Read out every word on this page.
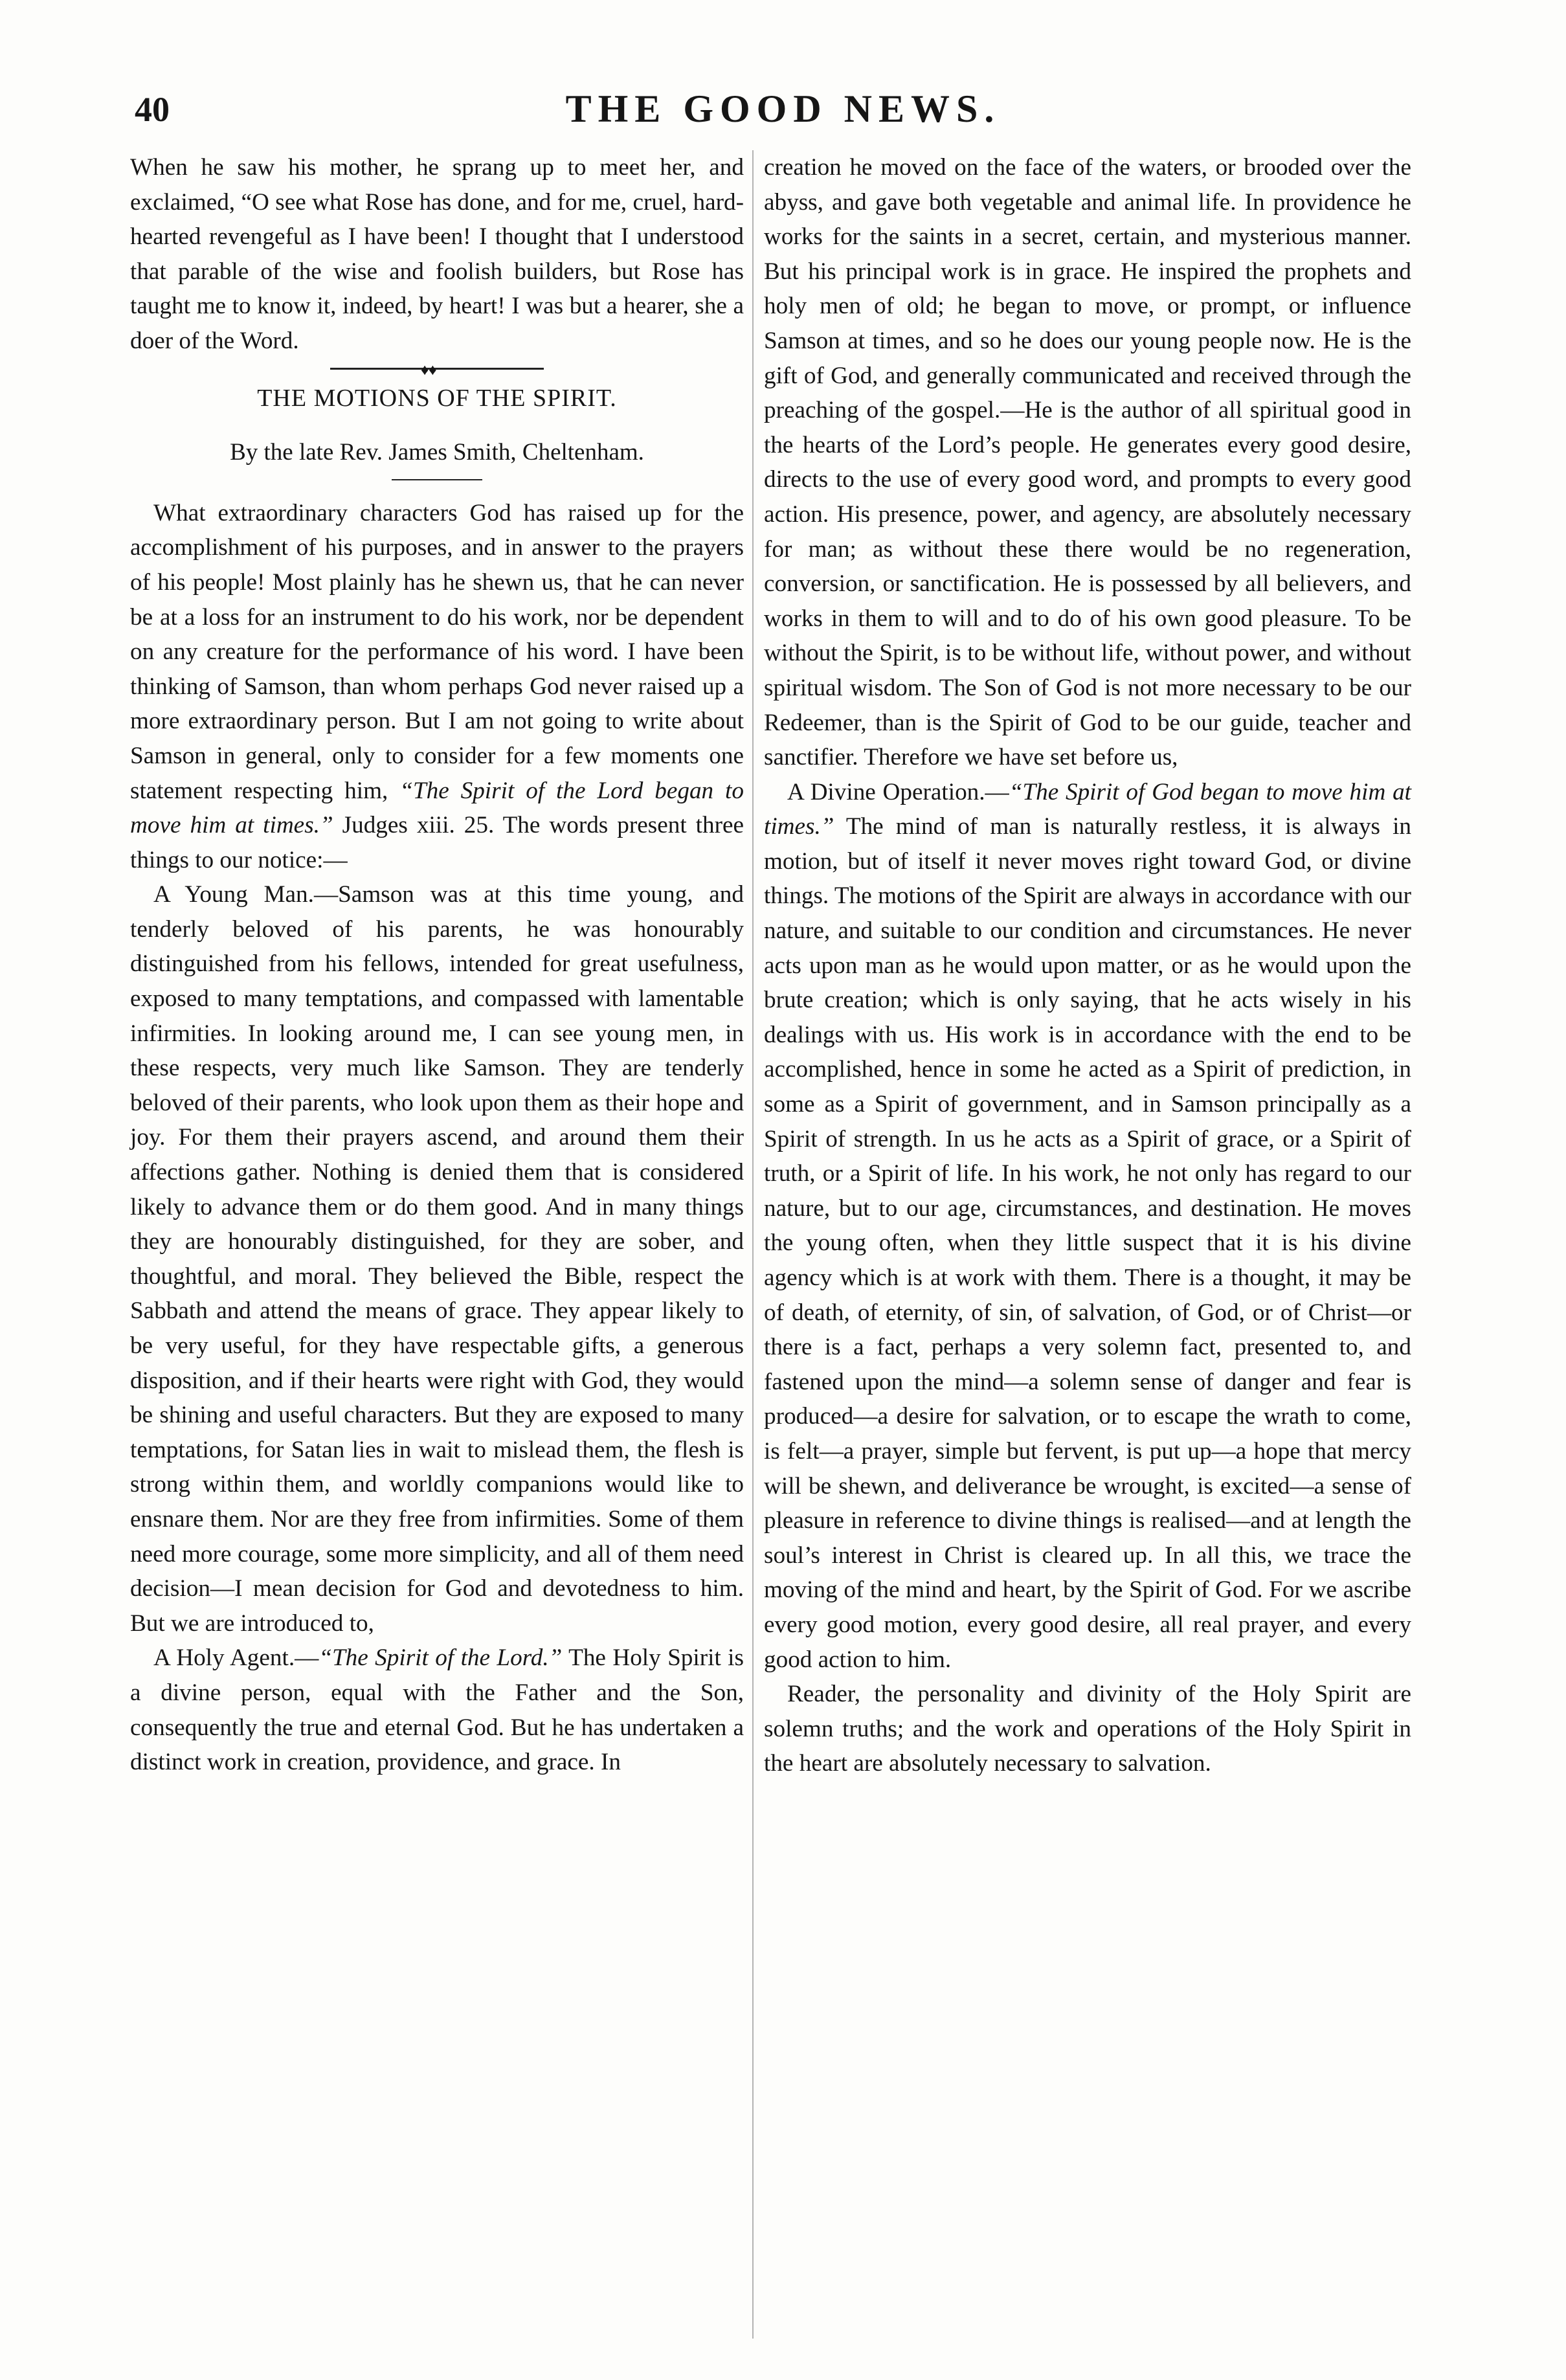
40	THE GOOD NEWS.

When he saw his mother, he sprang up to meet her, and exclaimed, “O see what Rose has done, and for me, cruel, hard-hearted revengeful as I have been! I thought that I understood that parable of the wise and foolish builders, but Rose has taught me to know it, indeed, by heart! I was but a hearer, she a doer of the Word.

♦♦
THE MOTIONS OF THE SPIRIT.
By the late Rev. James Smith, Cheltenham.

What extraordinary characters God has raised up for the accomplishment of his purposes, and in answer to the prayers of his people! Most plainly has he shewn us, that he can never be at a loss for an instrument to do his work, nor be dependent on any creature for the performance of his word. I have been thinking of Samson, than whom perhaps God never raised up a more extraordinary person. But I am not going to write about Samson in general, only to consider for a few moments one statement respecting him, “The Spirit of the Lord began to move him at times.” Judges xiii. 25. The words present three things to our notice:—

A Young Man.—Samson was at this time young, and tenderly beloved of his parents, he was honourably distinguished from his fellows, intended for great usefulness, exposed to many temptations, and compassed with lamentable infirmities. In looking around me, I can see young men, in these respects, very much like Samson. They are tenderly beloved of their parents, who look upon them as their hope and joy. For them their prayers ascend, and around them their affections gather. Nothing is denied them that is considered likely to advance them or do them good. And in many things they are honourably distinguished, for they are sober, and thoughtful, and moral. They believed the Bible, respect the Sabbath and attend the means of grace. They appear likely to be very useful, for they have respectable gifts, a generous disposition, and if their hearts were right with God, they would be shining and useful characters. But they are exposed to many temptations, for Satan lies in wait to mislead them, the flesh is strong within them, and worldly companions would like to ensnare them. Nor are they free from infirmities. Some of them need more courage, some more simplicity, and all of them need decision—I mean decision for God and devotedness to him. But we are introduced to,

A Holy Agent.—“The Spirit of the Lord.” The Holy Spirit is a divine person, equal with the Father and the Son, consequently the true and eternal God. But he has undertaken a distinct work in creation, providence, and grace. In

creation he moved on the face of the waters, or brooded over the abyss, and gave both vegetable and animal life. In providence he works for the saints in a secret, certain, and mysterious manner. But his principal work is in grace. He inspired the prophets and holy men of old; he began to move, or prompt, or influence Samson at times, and so he does our young people now. He is the gift of God, and generally communicated and received through the preaching of the gospel.—He is the author of all spiritual good in the hearts of the Lord’s people. He generates every good desire, directs to the use of every good word, and prompts to every good action. His presence, power, and agency, are absolutely necessary for man; as without these there would be no regeneration, conversion, or sanctification. He is possessed by all believers, and works in them to will and to do of his own good pleasure. To be without the Spirit, is to be without life, without power, and without spiritual wisdom. The Son of God is not more necessary to be our Redeemer, than is the Spirit of God to be our guide, teacher and sanctifier. Therefore we have set before us,

A Divine Operation.—“The Spirit of God began to move him at times.” The mind of man is naturally restless, it is always in motion, but of itself it never moves right toward God, or divine things. The motions of the Spirit are always in accordance with our nature, and suitable to our condition and circumstances. He never acts upon man as he would upon matter, or as he would upon the brute creation; which is only saying, that he acts wisely in his dealings with us. His work is in accordance with the end to be accomplished, hence in some he acted as a Spirit of prediction, in some as a Spirit of government, and in Samson principally as a Spirit of strength. In us he acts as a Spirit of grace, or a Spirit of truth, or a Spirit of life. In his work, he not only has regard to our nature, but to our age, circumstances, and destination. He moves the young often, when they little suspect that it is his divine agency which is at work with them. There is a thought, it may be of death, of eternity, of sin, of salvation, of God, or of Christ—or there is a fact, perhaps a very solemn fact, presented to, and fastened upon the mind—a solemn sense of danger and fear is produced—a desire for salvation, or to escape the wrath to come, is felt—a prayer, simple but fervent, is put up—a hope that mercy will be shewn, and deliverance be wrought, is excited—a sense of pleasure in reference to divine things is realised—and at length the soul’s interest in Christ is cleared up. In all this, we trace the moving of the mind and heart, by the Spirit of God. For we ascribe every good motion, every good desire, all real prayer, and every good action to him.

Reader, the personality and divinity of the Holy Spirit are solemn truths; and the work and operations of the Holy Spirit in the heart are absolutely necessary to salvation.
